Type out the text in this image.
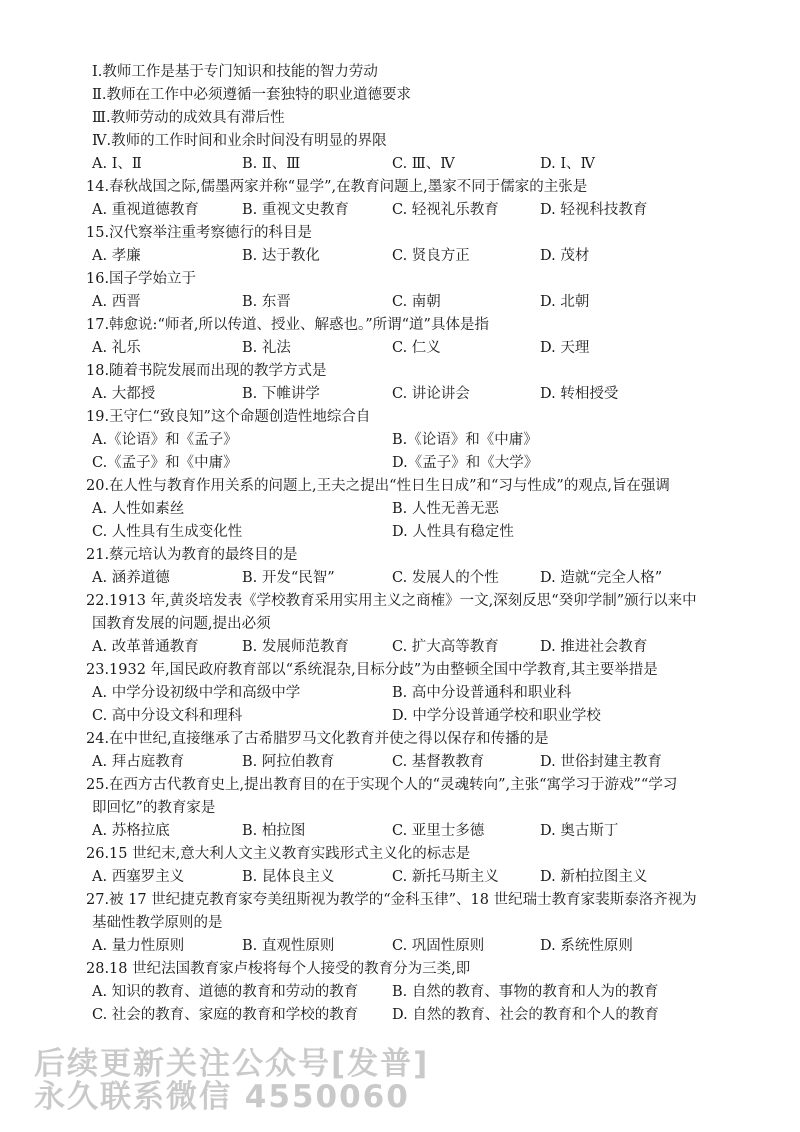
Ⅰ.教师工作是基于专门知识和技能的智力劳动
Ⅱ.教师在工作中必须遵循一套独特的职业道德要求
Ⅲ.教师劳动的成效具有滞后性
Ⅳ.教师的工作时间和业余时间没有明显的界限
A. Ⅰ、Ⅱ	B. Ⅱ、Ⅲ	C. Ⅲ、Ⅳ	D. Ⅰ、Ⅳ
14.春秋战国之际,儒墨两家并称“显学”,在教育问题上,墨家不同于儒家的主张是
A. 重视道德教育	B. 重视文史教育	C. 轻视礼乐教育	D. 轻视科技教育
15.汉代察举注重考察德行的科目是
A. 孝廉	B. 达于教化	C. 贤良方正	D. 茂材
16.国子学始立于
A. 西晋	B. 东晋	C. 南朝	D. 北朝
17.韩愈说:“师者,所以传道、授业、解惑也。”所谓“道”具体是指
A. 礼乐	B. 礼法	C. 仁义	D. 天理
18.随着书院发展而出现的教学方式是
A. 大都授	B. 下帷讲学	C. 讲论讲会	D. 转相授受
19.王守仁“致良知”这个命题创造性地综合自
A.《论语》和《孟子》	B.《论语》和《中庸》
C.《孟子》和《中庸》	D.《孟子》和《大学》
20.在人性与教育作用关系的问题上,王夫之提出“性日生日成”和“习与性成”的观点,旨在强调
A. 人性如素丝	B. 人性无善无恶
C. 人性具有生成变化性	D. 人性具有稳定性
21.蔡元培认为教育的最终目的是
A. 涵养道德	B. 开发“民智”	C. 发展人的个性	D. 造就“完全人格”
22.1913 年,黄炎培发表《学校教育采用实用主义之商榷》一文,深刻反思“癸卯学制”颁行以来中
国教育发展的问题,提出必须
A. 改革普通教育	B. 发展师范教育	C. 扩大高等教育	D. 推进社会教育
23.1932 年,国民政府教育部以“系统混杂,目标分歧”为由整顿全国中学教育,其主要举措是
A. 中学分设初级中学和高级中学	B. 高中分设普通科和职业科
C. 高中分设文科和理科	D. 中学分设普通学校和职业学校
24.在中世纪,直接继承了古希腊罗马文化教育并使之得以保存和传播的是
A. 拜占庭教育	B. 阿拉伯教育	C. 基督教教育	D. 世俗封建主教育
25.在西方古代教育史上,提出教育目的在于实现个人的“灵魂转向”,主张“寓学习于游戏”“学习
即回忆”的教育家是
A. 苏格拉底	B. 柏拉图	C. 亚里士多德	D. 奥古斯丁
26.15 世纪末,意大利人文主义教育实践形式主义化的标志是
A. 西塞罗主义	B. 昆体良主义	C. 新托马斯主义	D. 新柏拉图主义
27.被 17 世纪捷克教育家夸美纽斯视为教学的“金科玉律”、18 世纪瑞士教育家裴斯泰洛齐视为
基础性教学原则的是
A. 量力性原则	B. 直观性原则	C. 巩固性原则	D. 系统性原则
28.18 世纪法国教育家卢梭将每个人接受的教育分为三类,即
A. 知识的教育、道德的教育和劳动的教育 B. 自然的教育、事物的教育和人为的教育
C. 社会的教育、家庭的教育和学校的教育 D. 自然的教育、社会的教育和个人的教育
后续更新关注公众号[发普]
永久联系微信 4550060
